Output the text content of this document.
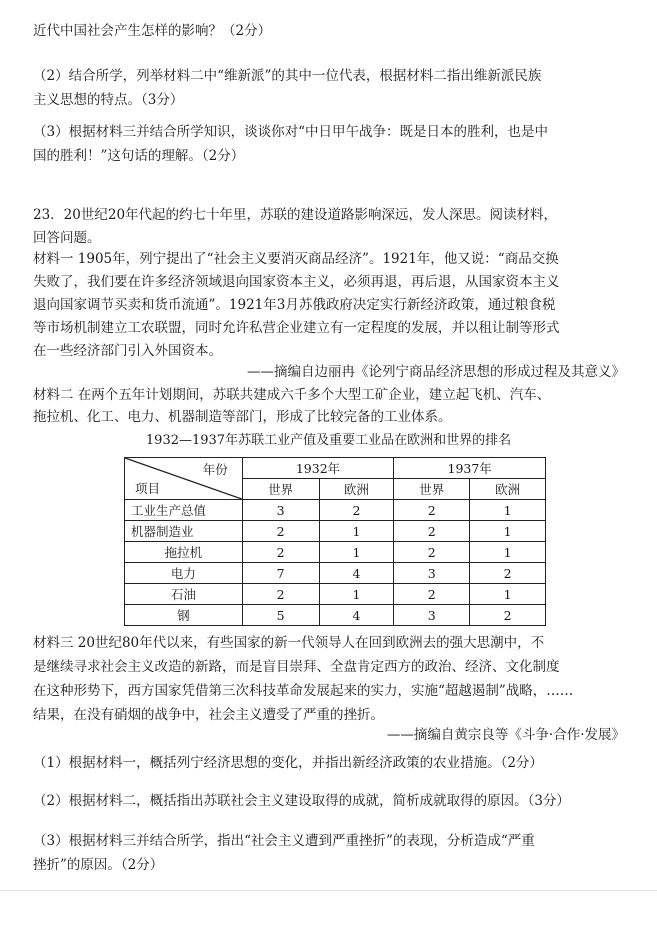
近代中国社会产生怎样的影响？（2分）
（2）结合所学，列举材料二中“维新派”的其中一位代表，根据材料二指出维新派民族
主义思想的特点。（3分）
（3）根据材料三并结合所学知识，谈谈你对“中日甲午战争：既是日本的胜利，也是中
国的胜利！”这句话的理解。（2分）
23．20世纪20年代起的约七十年里，苏联的建设道路影响深远，发人深思。阅读材料，
回答问题。
材料一 1905年，列宁提出了“社会主义要消灭商品经济”。1921年，他又说：“商品交换
失败了，我们要在许多经济领域退向国家资本主义，必须再退，再后退，从国家资本主义
退向国家调节买卖和货币流通”。1921年3月苏俄政府决定实行新经济政策，通过粮食税
等市场机制建立工农联盟，同时允许私营企业建立有一定程度的发展，并以租让制等形式
在一些经济部门引入外国资本。
——摘编自边丽冉《论列宁商品经济思想的形成过程及其意义》
材料二 在两个五年计划期间，苏联共建成六千多个大型工矿企业，建立起飞机、汽车、
拖拉机、化工、电力、机器制造等部门，形成了比较完备的工业体系。
1932—1937年苏联工业产值及重要工业品在欧洲和世界的排名
年份
项目	1932年		1937年	
	世界	欧洲	世界	欧洲
工业生产总值	3	2	2	1
机器制造业	2	1	2	1
拖拉机	2	1	2	1
电力	7	4	3	2
石油	2	1	2	1
钢	5	4	3	2
材料三 20世纪80年代以来，有些国家的新一代领导人在回到欧洲去的强大思潮中，不
是继续寻求社会主义改造的新路，而是盲目崇拜、全盘肯定西方的政治、经济、文化制度
在这种形势下，西方国家凭借第三次科技革命发展起来的实力，实施“超越遏制”战略，……
结果，在没有硝烟的战争中，社会主义遭受了严重的挫折。
——摘编自黄宗良等《斗争·合作·发展》
（1）根据材料一，概括列宁经济思想的变化，并指出新经济政策的农业措施。（2分）
（2）根据材料二，概括指出苏联社会主义建设取得的成就，简析成就取得的原因。（3分）
（3）根据材料三并结合所学，指出“社会主义遭到严重挫折”的表现，分析造成“严重
挫折”的原因。（2分）
